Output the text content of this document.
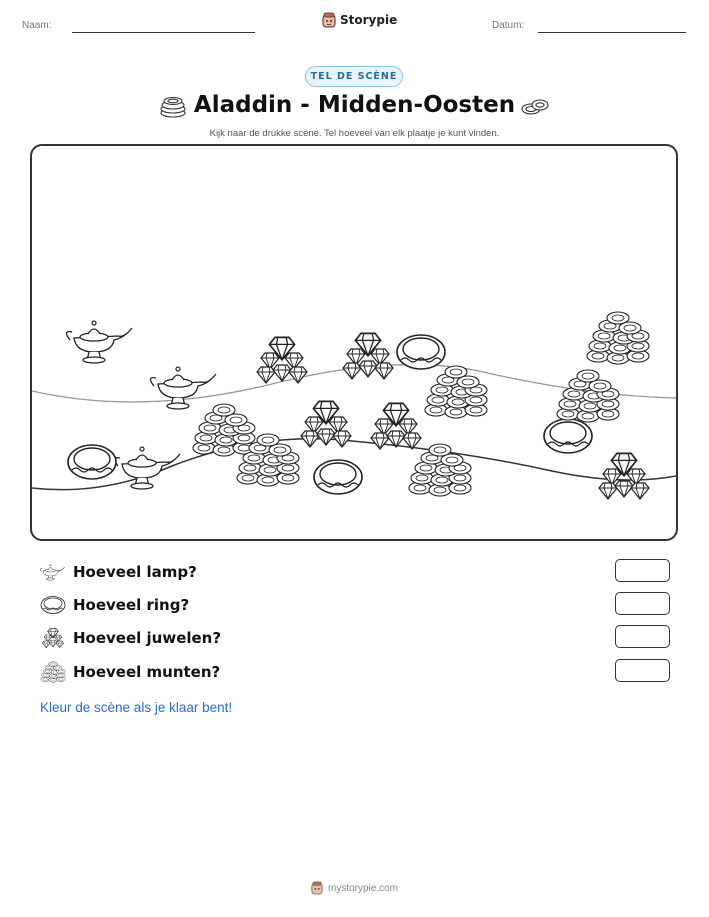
Naam:	Storypie	Datum:
TEL DE SCÈNE
Aladdin - Midden-Oosten
Kijk naar de drukke scène. Tel hoeveel van elk plaatje je kunt vinden.
Hoeveel lamp?
Hoeveel ring?
Hoeveel juwelen?
Hoeveel munten?
Kleur de scène als je klaar bent!
mystorypie.com
